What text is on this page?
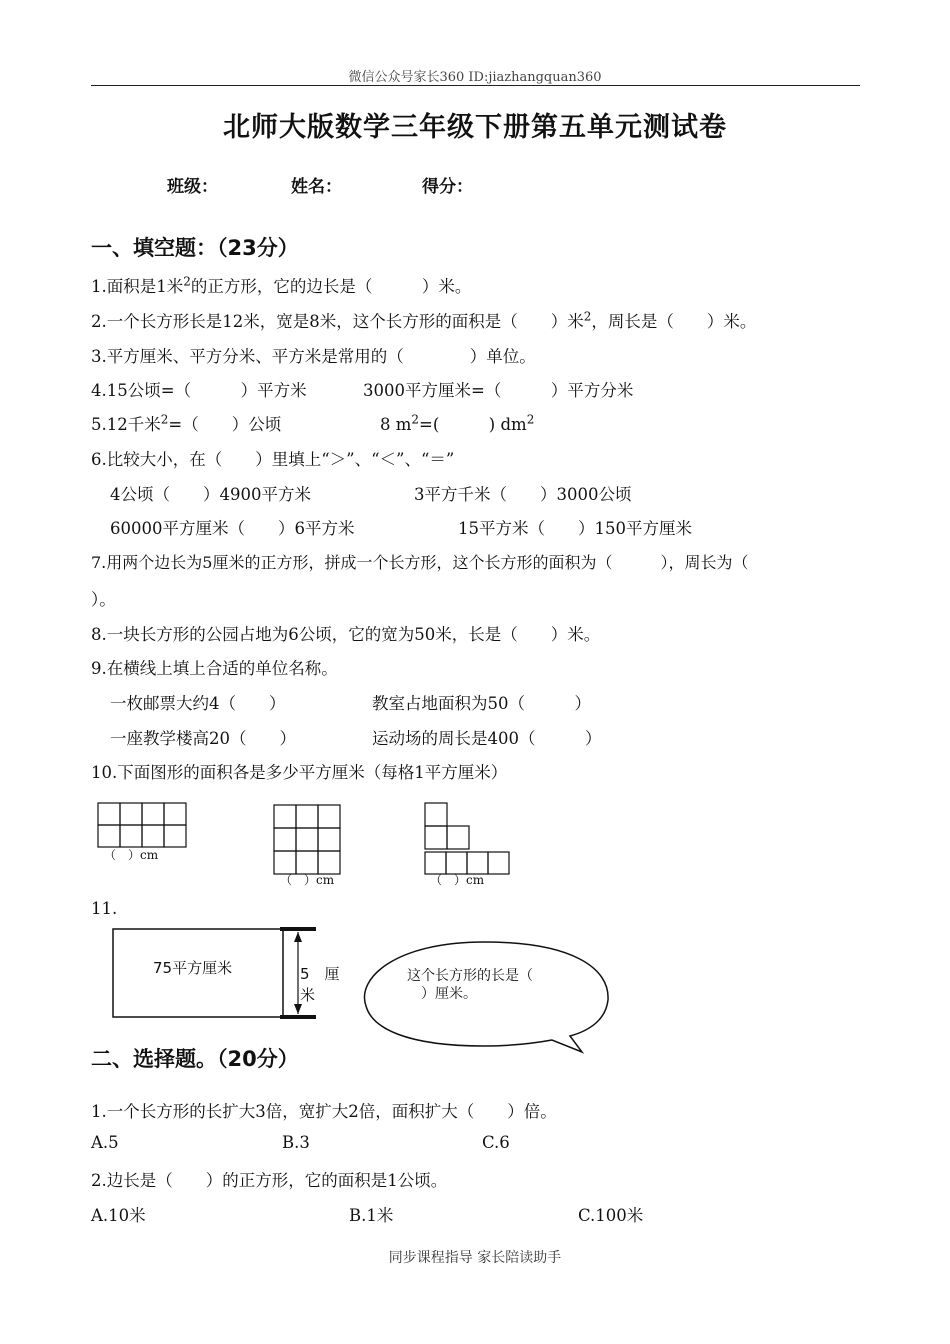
微信公众号家长360 ID:jiazhangquan360
北师大版数学三年级下册第五单元测试卷
班级：	姓名：	得分：
一、填空题：（23分）
1.面积是1米$^2$的正方形，它的边长是（　　　）米。
2.一个长方形长是12米，宽是8米，这个长方形的面积是（　　）米$^2$，周长是（　　）米。
3.平方厘米、平方分米、平方米是常用的（　　　　）单位。
4.15公顷=（　　　）平方米	3000平方厘米=（　　　）平方分米
5.12千米$^2$=（　　）公顷	8 $m^2=$(　　　) $dm^2$
6.比较大小，在（　　）里填上“＞”、“＜”、“＝”
4公顷（　　）4900平方米	3平方千米（　　）3000公顷
60000平方厘米（　　）6平方米	15平方米（　　）150平方厘米
7.用两个边长为5厘米的正方形，拼成一个长方形，这个长方形的面积为（　　　），周长为（
）。
8.一块长方形的公园占地为6公顷，它的宽为50米，长是（　　）米。
9.在横线上填上合适的单位名称。
一枚邮票大约4（　　）	教室占地面积为50（　　　）
一座教学楼高20（　　）	运动场的周长是400（　　　）
10.下面图形的面积各是多少平方厘米（每格1平方厘米）
（　）cm
（　）cm	（　）cm
11.
75平方厘米	5　厘
米
这个长方形的长是（
）厘米。
二、选择题。（20分）
1.一个长方形的长扩大3倍，宽扩大2倍，面积扩大（　　）倍。
A.5	B.3	C.6
2.边长是（　　）的正方形，它的面积是1公顷。
A.10米	B.1米	C.100米
同步课程指导 家长陪读助手
